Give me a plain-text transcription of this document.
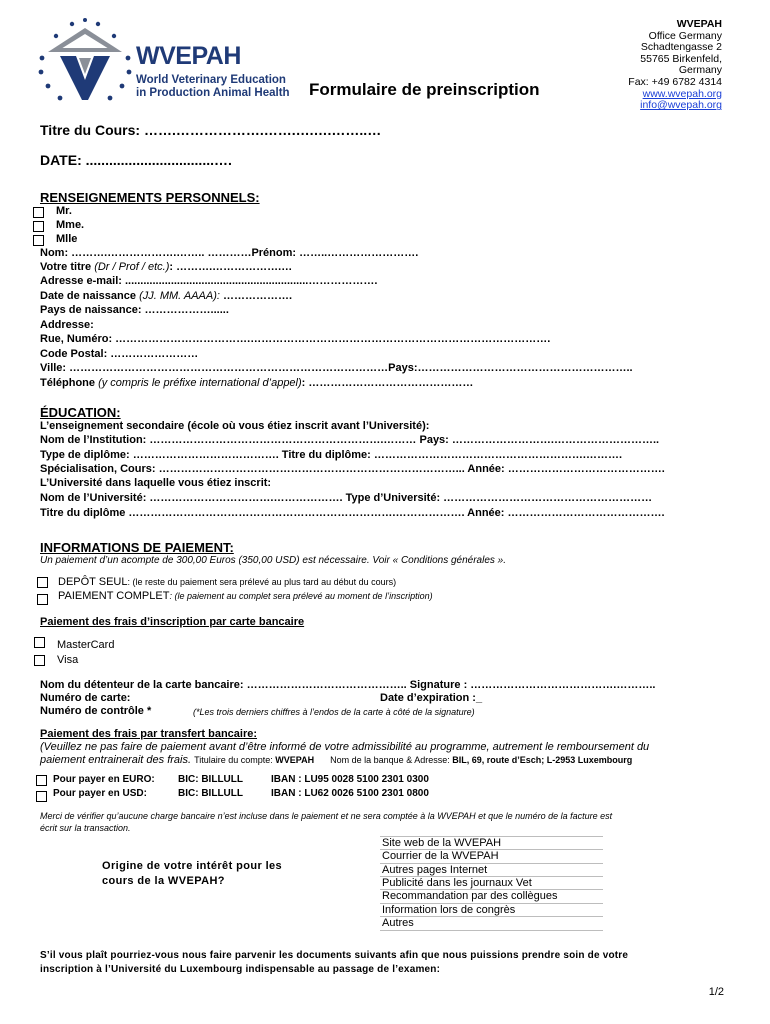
WVEPAH
World Veterinary Education
in Production Animal Health Formulaire de preinscription
WVEPAH
Office Germany
Schadtengasse 2
55765 Birkenfeld,
Germany
Fax: +49 6782 4314
www.wvepah.org
info@wvepah.org
Titre du Cours: …….……………….…….….….……..…
DATE: .................................….
RENSEIGNEMENTS PERSONNELS:
Mr.
Mme.
Mlle
Nom: ……….……………….…….. …………Prénom: ……..…………………….
Votre titre (Dr / Prof / etc.): ……….……………….…
Adresse e-mail: ............................................................……………….
Date de naissance (JJ. MM. AAAA): ……………….
Pays de naissance: ………………......
Addresse:
Rue, Numéro: ……………………………….……………………………………………………………………….
Code Postal: ……………………
Ville: ……………………………………………………………………………Pays:…………………………………………………..
Téléphone (y compris le préfixe international d’appel): ………………………………………
ÉDUCATION:
L’enseignement secondaire (école où vous étiez inscrit avant l’Université):
Nom de l’Institution: ……………………………………………………….……… Pays: ……………………….………………………..
Type de diplôme: …………………………………. Titre du diplôme: ………………………………………………….……….
Spécialisation, Cours: ………………………………………………………………………... Année: …………………………………….
L’Université dans laquelle vous étiez inscrit:
Nom de l’Université: …………………………….………………. Type d’Université: …………………………………………………
Titre du diplôme ……………………………………………………………….………………. Année: …………………………………….
INFORMATIONS DE PAIEMENT:
Un paiement d’un acompte de 300,00 Euros (350,00 USD) est nécessaire. Voir « Conditions générales ».
DEPÔT SEUL: (le reste du paiement sera prélevé au plus tard au début du cours)
PAIEMENT COMPLET: (le paiement au complet sera prélevé au moment de l’inscription)
Paiement des frais d’inscription par carte bancaire
MasterCard
Visa
Nom du détenteur de la carte bancaire: …………………………………….. Signature : ………………………………….………..
Numéro de carte:	Date d’expiration :_
Numéro de contrôle *	(*Les trois derniers chiffres à l’endos de la carte à côté de la signature)
Paiement des frais par transfert bancaire:
(Veuillez ne pas faire de paiement avant d’être informé de votre admissibilité au programme, autrement le remboursement du
paiement entrainerait des frais. Titulaire du compte: WVEPAH Nom de la banque & Adresse: BIL, 69, route d’Esch; L-2953 Luxembourg
Pour payer en EURO: BIC: BILLULL	IBAN : LU95 0028 5100 2301 0300
Pour payer en USD:	BIC: BILLULL	IBAN : LU62 0026 5100 2301 0800
Merci de vérifier qu’aucune charge bancaire n’est incluse dans le paiement et ne sera comptée à la WVEPAH et que le numéro de la facture est
écrit sur la transaction.
Origine de votre intérêt pour les
cours de la WVEPAH?
Site web de la WVEPAH
Courrier de la WVEPAH
Autres pages Internet
Publicité dans les journaux Vet
Recommandation par des collègues
Information lors de congrès
Autres
S’il vous plaît pourriez-vous nous faire parvenir les documents suivants afin que nous puissions prendre soin de votre
inscription à l’Université du Luxembourg indispensable au passage de l’examen:
1/2
